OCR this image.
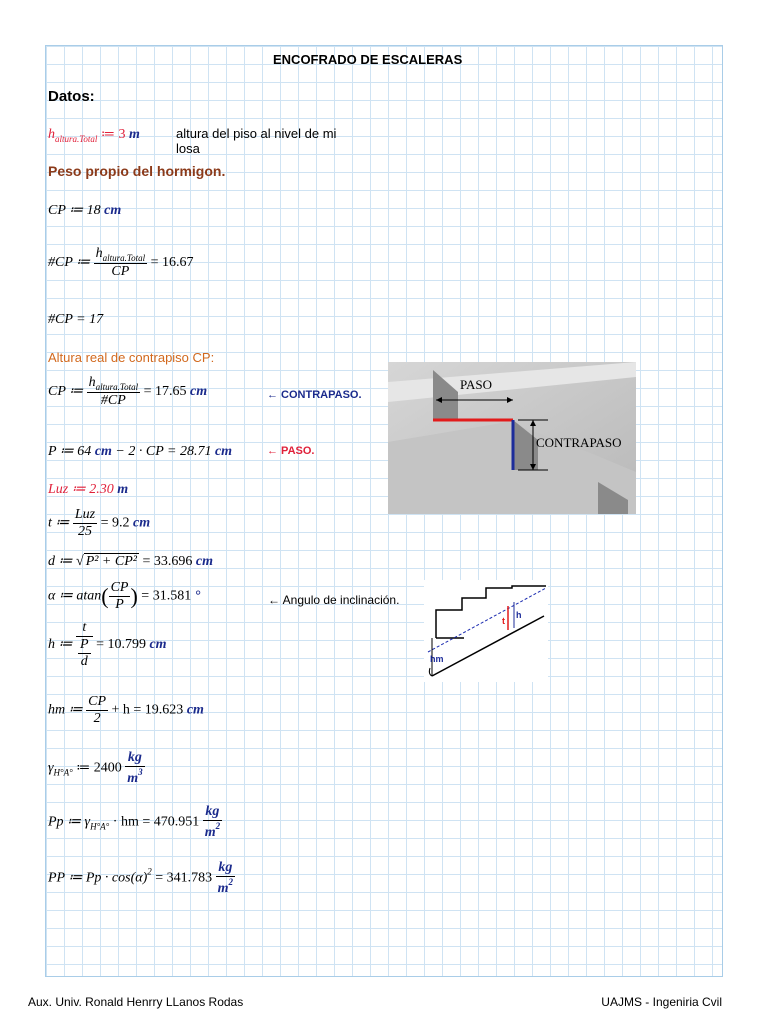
ENCOFRADO DE ESCALERAS
Datos:
$h_{altura.Total}$ ≔ 3 m	altura del piso al nivel de mi losa
Peso propio del hormigon.
CP ≔ 18 cm
#CP ≔ $\frac{h_{altura.Total}}{CP} = 16.67$
#CP = 17
Altura real de contrapiso CP:
CP ≔ $\frac{h_{altura.Total}}{\#CP} = 17.65$ cm	← CONTRAPASO.
P ≔ 64 cm − 2 · CP = 28.71 cm	← PASO.
PASO
CONTRAPASO
Luz ≔ 2.30 m
t ≔ $\frac{\text{Luz}}{25} = 9.2$ cm
d ≔ √ P² + CP² = 33.696 cm
α ≔ $atan( \frac{CP}{P}$ ) = 31.581 °	← Angulo de inclinación.
h ≔ t
P
d = 10.799 cm
hm
t
h
hm ≔ $\frac{CP}{2} + h = 19.623$ cm
$\gamma_{H^\circ A^\circ}$ ≔ $2400 \frac{kg}{m^3}$
Pp ≔ $\gamma_{H^\circ A^\circ}$ · hm = $470.951 \frac{kg}{m^2}$
PP ≔ $Pp \cdot \cos(\alpha)^2 = 341.783 \frac{kg}{m^2}$
Aux. Univ. Ronald Henrry LLanos Rodas	UAJMS - Ingeniria Cvil
